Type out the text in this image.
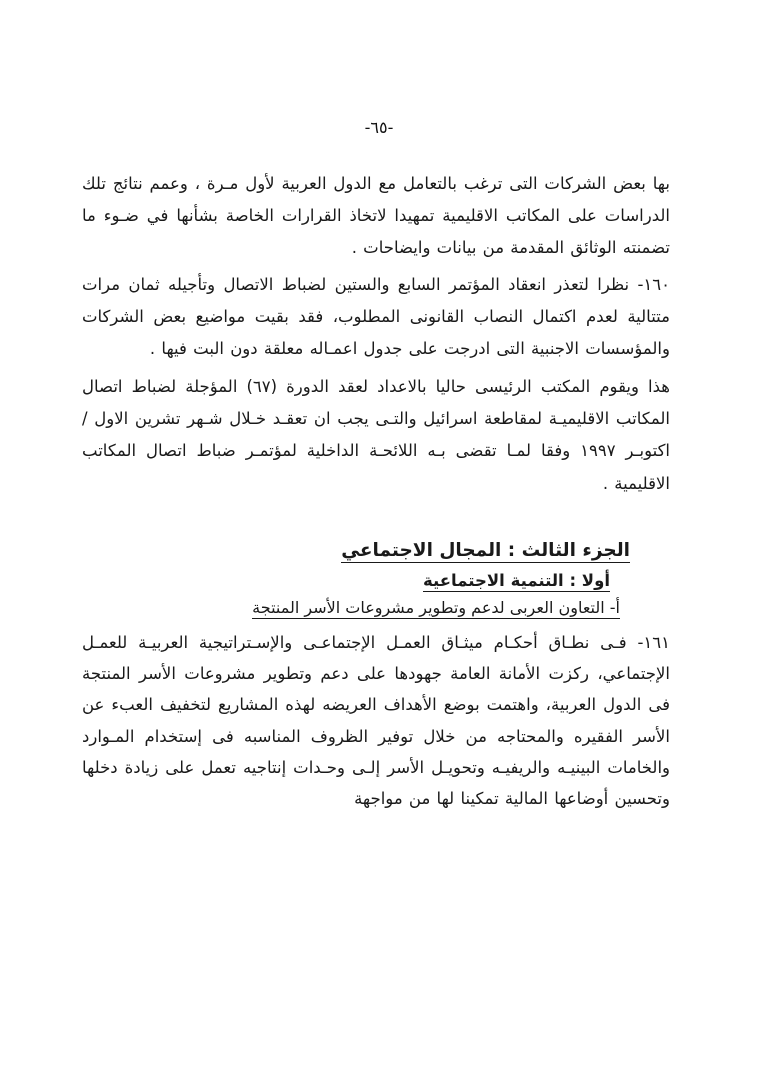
-٦٥-

بها بعض الشركات التى ترغب بالتعامل مع الدول العربية لأول مـرة ، وعمم نتائج تلك الدراسات على المكاتب الاقليمية تمهيدا لاتخاذ القرارات الخاصة بشأنها في ضـوء ما تضمنته الوثائق المقدمة من بيانات وايضاحات .

١٦٠- نظرا لتعذر انعقاد المؤتمر السابع والستين لضباط الاتصال وتأجيله ثمان مرات متتالية لعدم اكتمال النصاب القانونى المطلوب، فقد بقيت مواضيع بعض الشركات والمؤسسات الاجنبية التى ادرجت على جدول اعمـاله معلقة دون البت فيها .

هذا ويقوم المكتب الرئيسى حاليا بالاعداد لعقد الدورة (٦٧) المؤجلة لضباط اتصال المكاتب الاقليميـة لمقاطعة اسرائيل والتـى يجب ان تعقـد خـلال شـهر تشرين الاول / اكتوبـر ١٩٩٧ وفقا لمـا تقضى بـه اللائحـة الداخلية لمؤتمـر ضباط اتصال المكاتب الاقليمية .

الجزء الثالث : المجال الاجتماعي
أولا : التنمية الاجتماعية
أ- التعاون العربى لدعم وتطوير مشروعات الأسر المنتجة

١٦١- فـى نطـاق أحكـام ميثـاق العمـل الإجتماعـى والإسـتراتيجية العربيـة للعمـل الإجتماعي، ركزت الأمانة العامة جهودها على دعم وتطوير مشروعات الأسر المنتجة فى الدول العربية، واهتمت بوضع الأهداف العريضه لهذه المشاريع لتخفيف العبء عن الأسر الفقيره والمحتاجه من خلال توفير الظروف المناسبه فى إستخدام المـوارد والخامات البينيـه والريفيـه وتحويـل الأسر إلـى وحـدات إنتاجيه تعمل على زيادة دخلها وتحسين أوضاعها المالية تمكينا لها من مواجهة
